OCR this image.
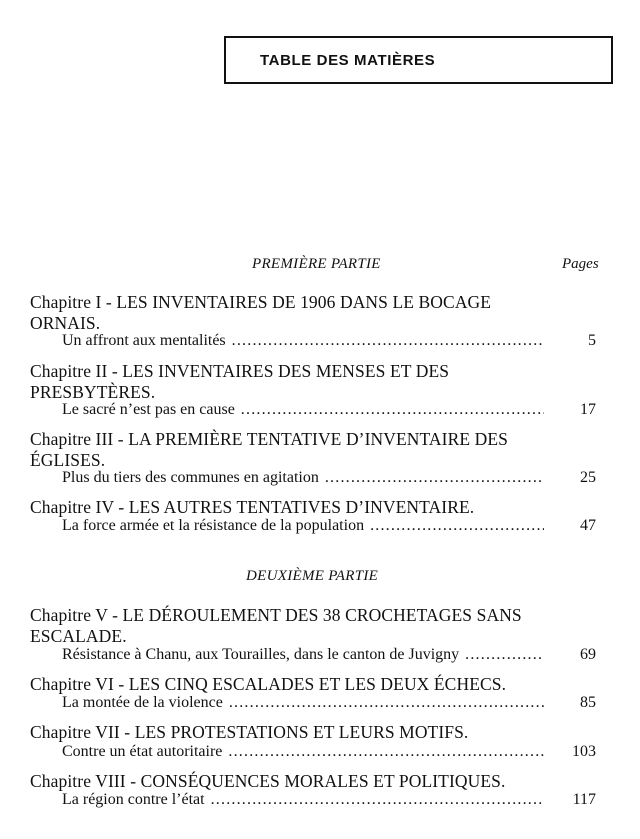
TABLE DES MATIÈRES
PREMIÈRE PARTIE	Pages
Chapitre I - LES INVENTAIRES DE 1906 DANS LE BOCAGE ORNAIS.
Un affront aux mentalités . . .	5
Chapitre II - LES INVENTAIRES DES MENSES ET DES PRESBYTÈRES.
Le sacré n’est pas en cause . . .	17
Chapitre III - LA PREMIÈRE TENTATIVE D’INVENTAIRE DES ÉGLISES.
Plus du tiers des communes en agitation . . .	25
Chapitre IV - LES AUTRES TENTATIVES D’INVENTAIRE.
La force armée et la résistance de la population . . .	47
DEUXIÈME PARTIE
Chapitre V - LE DÉROULEMENT DES 38 CROCHETAGES SANS ESCALADE.
Résistance à Chanu, aux Tourailles, dans le canton de Juvigny . . .	69
Chapitre VI - LES CINQ ESCALADES ET LES DEUX ÉCHECS.
La montée de la violence . . .	85
Chapitre VII - LES PROTESTATIONS ET LEURS MOTIFS.
Contre un état autoritaire . . .	103
Chapitre VIII - CONSÉQUENCES MORALES ET POLITIQUES.
La région contre l’état . . .	117
